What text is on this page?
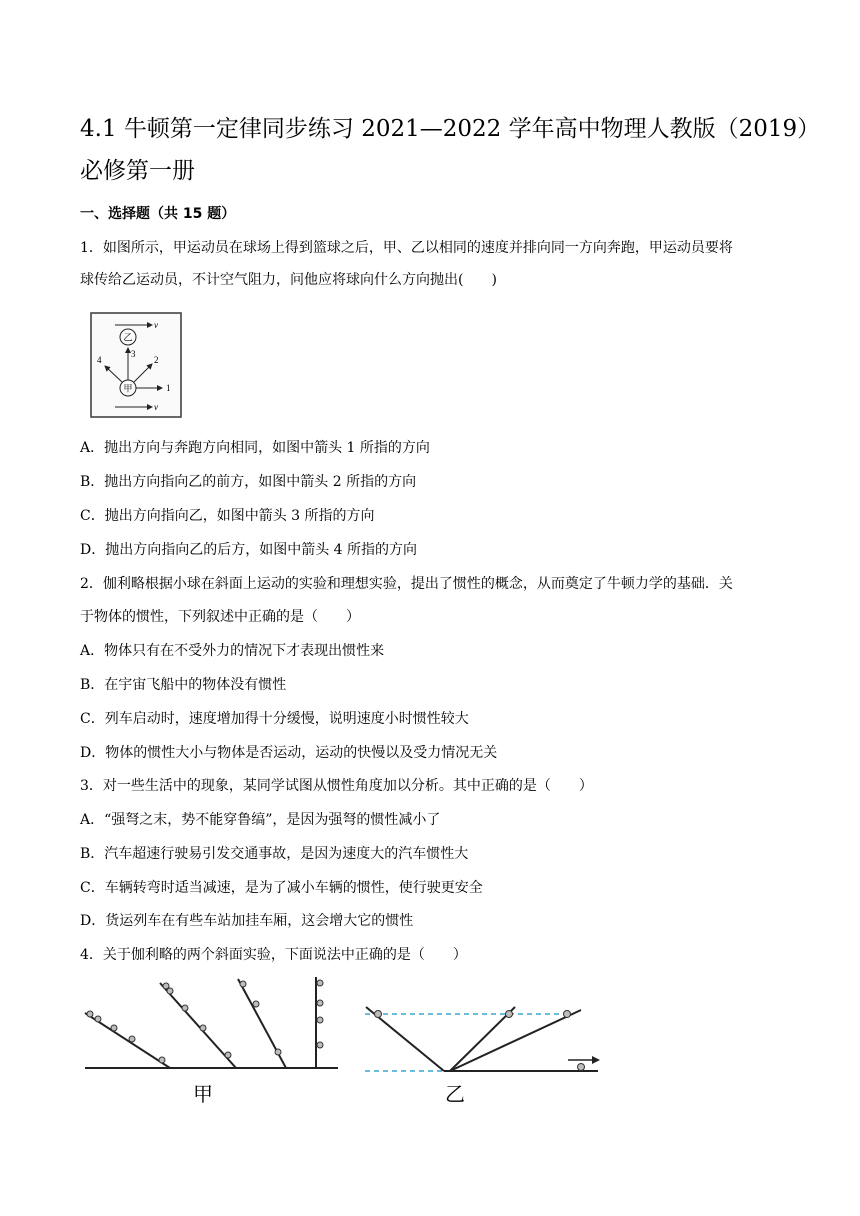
4.1 牛顿第一定律同步练习 2021—2022 学年高中物理人教版（2019）
必修第一册
一、选择题（共 15 题）
1．如图所示，甲运动员在球场上得到篮球之后，甲、乙以相同的速度并排向同一方向奔跑，甲运动员要将
球传给乙运动员，不计空气阻力，问他应将球向什么方向抛出(　　)
v
乙
甲	1
2
3
4
v
A．抛出方向与奔跑方向相同，如图中箭头 1 所指的方向
B．抛出方向指向乙的前方，如图中箭头 2 所指的方向
C．抛出方向指向乙，如图中箭头 3 所指的方向
D．抛出方向指向乙的后方，如图中箭头 4 所指的方向
2．伽利略根据小球在斜面上运动的实验和理想实验，提出了惯性的概念，从而奠定了牛顿力学的基础．关
于物体的惯性，下列叙述中正确的是（　　）
A．物体只有在不受外力的情况下才表现出惯性来
B．在宇宙飞船中的物体没有惯性
C．列车启动时，速度增加得十分缓慢，说明速度小时惯性较大
D．物体的惯性大小与物体是否运动，运动的快慢以及受力情况无关
3．对一些生活中的现象，某同学试图从惯性角度加以分析。其中正确的是（　　）
A．“强弩之末，势不能穿鲁缟”，是因为强弩的惯性减小了
B．汽车超速行驶易引发交通事故，是因为速度大的汽车惯性大
C．车辆转弯时适当减速，是为了减小车辆的惯性，使行驶更安全
D．货运列车在有些车站加挂车厢，这会增大它的惯性
4．关于伽利略的两个斜面实验，下面说法中正确的是（　　）
甲	乙
